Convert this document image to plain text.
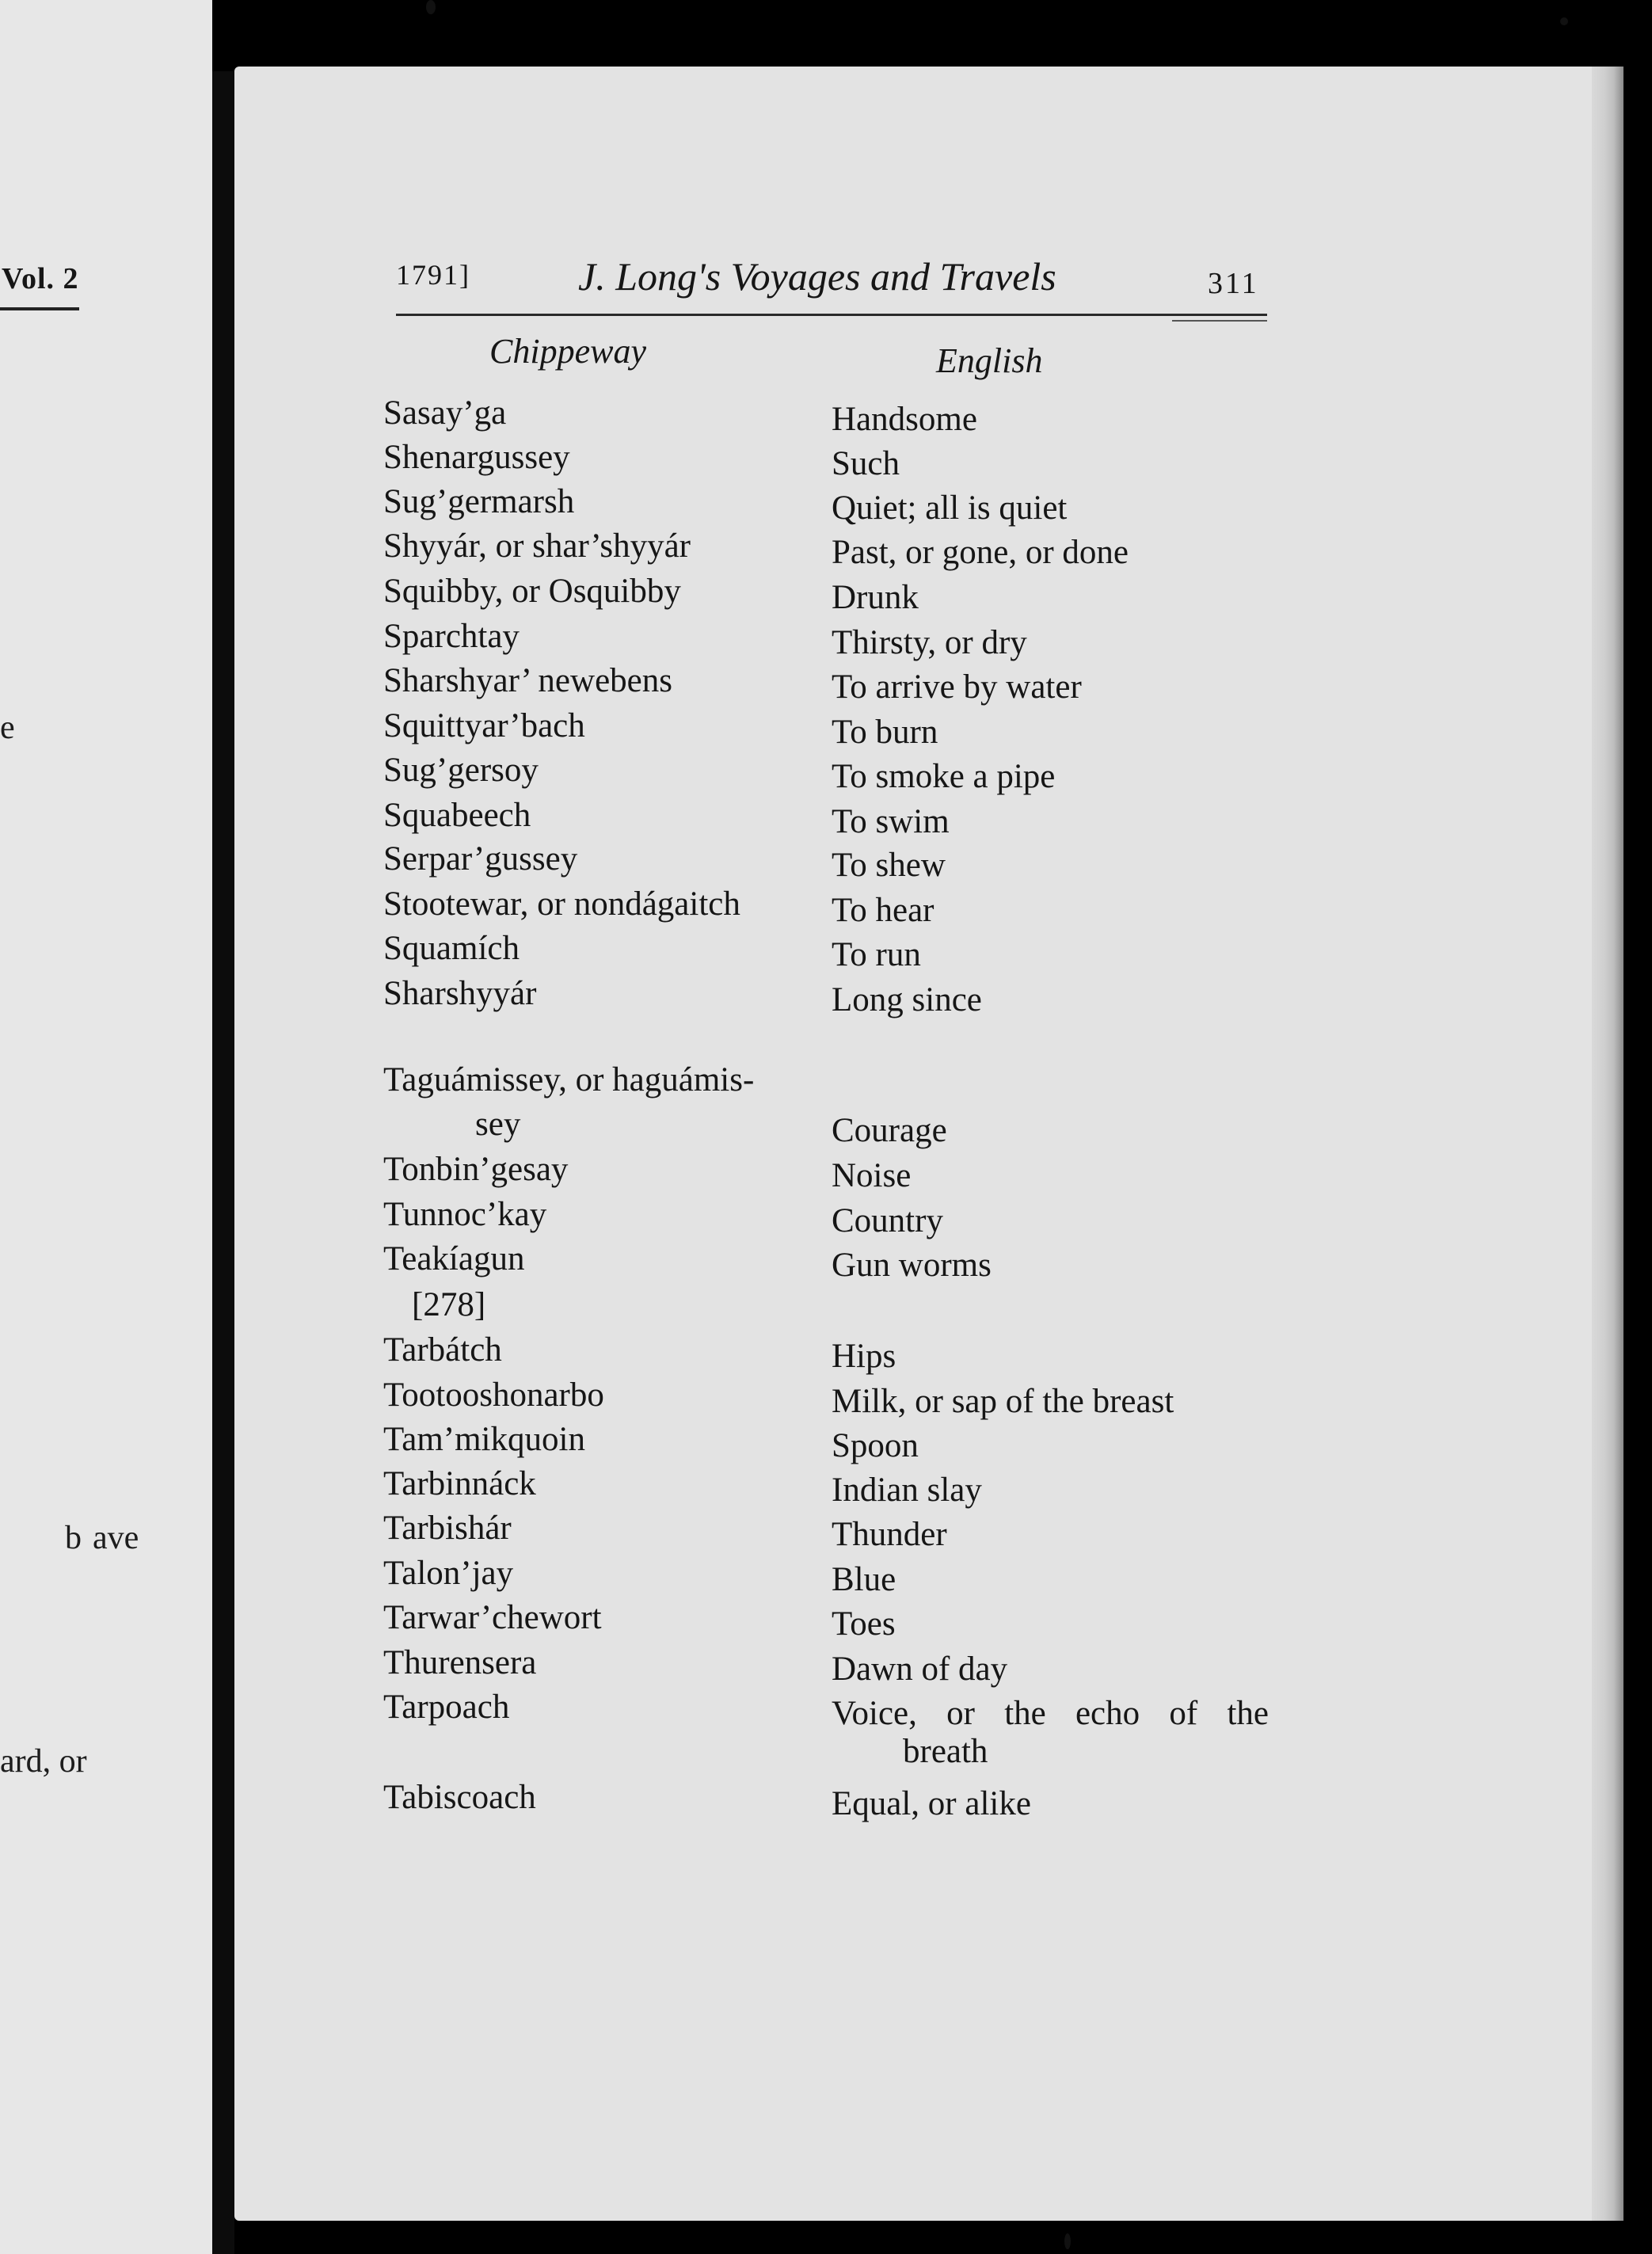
Vol. 2
e
b  ave
ard, or
1791]	J. Long's Voyages and Travels	311
Chippeway	English
Sasay’ga	Handsome
Shenargussey	Such
Sug’germarsh	Quiet; all is quiet
Shyyár, or shar’shyyár	Past, or gone, or done
Squibby, or Osquibby	Drunk
Sparchtay	Thirsty, or dry
Sharshyar’ newebens	To arrive by water
Squittyar’bach	To burn
Sug’gersoy	To smoke a pipe
Squabeech	To swim
Serpar’gussey	To shew
Stootewar, or nondágaitch	To hear
Squamích	To run
Sharshyyár	Long since
Taguámissey, or haguámis-
sey	Courage
Tonbin’gesay	Noise
Tunnoc’kay	Country
Teakíagun	Gun worms
[278]
Tarbátch	Hips
Tootooshonarbo	Milk, or sap of the breast
Tam’mikquoin	Spoon
Tarbinnáck	Indian slay
Tarbishár	Thunder
Talon’jay	Blue
Tarwar’chewort	Toes
Thurensera	Dawn of day
Tarpoach	Voice, or the echo of the
breath
Tabiscoach	Equal, or alike
